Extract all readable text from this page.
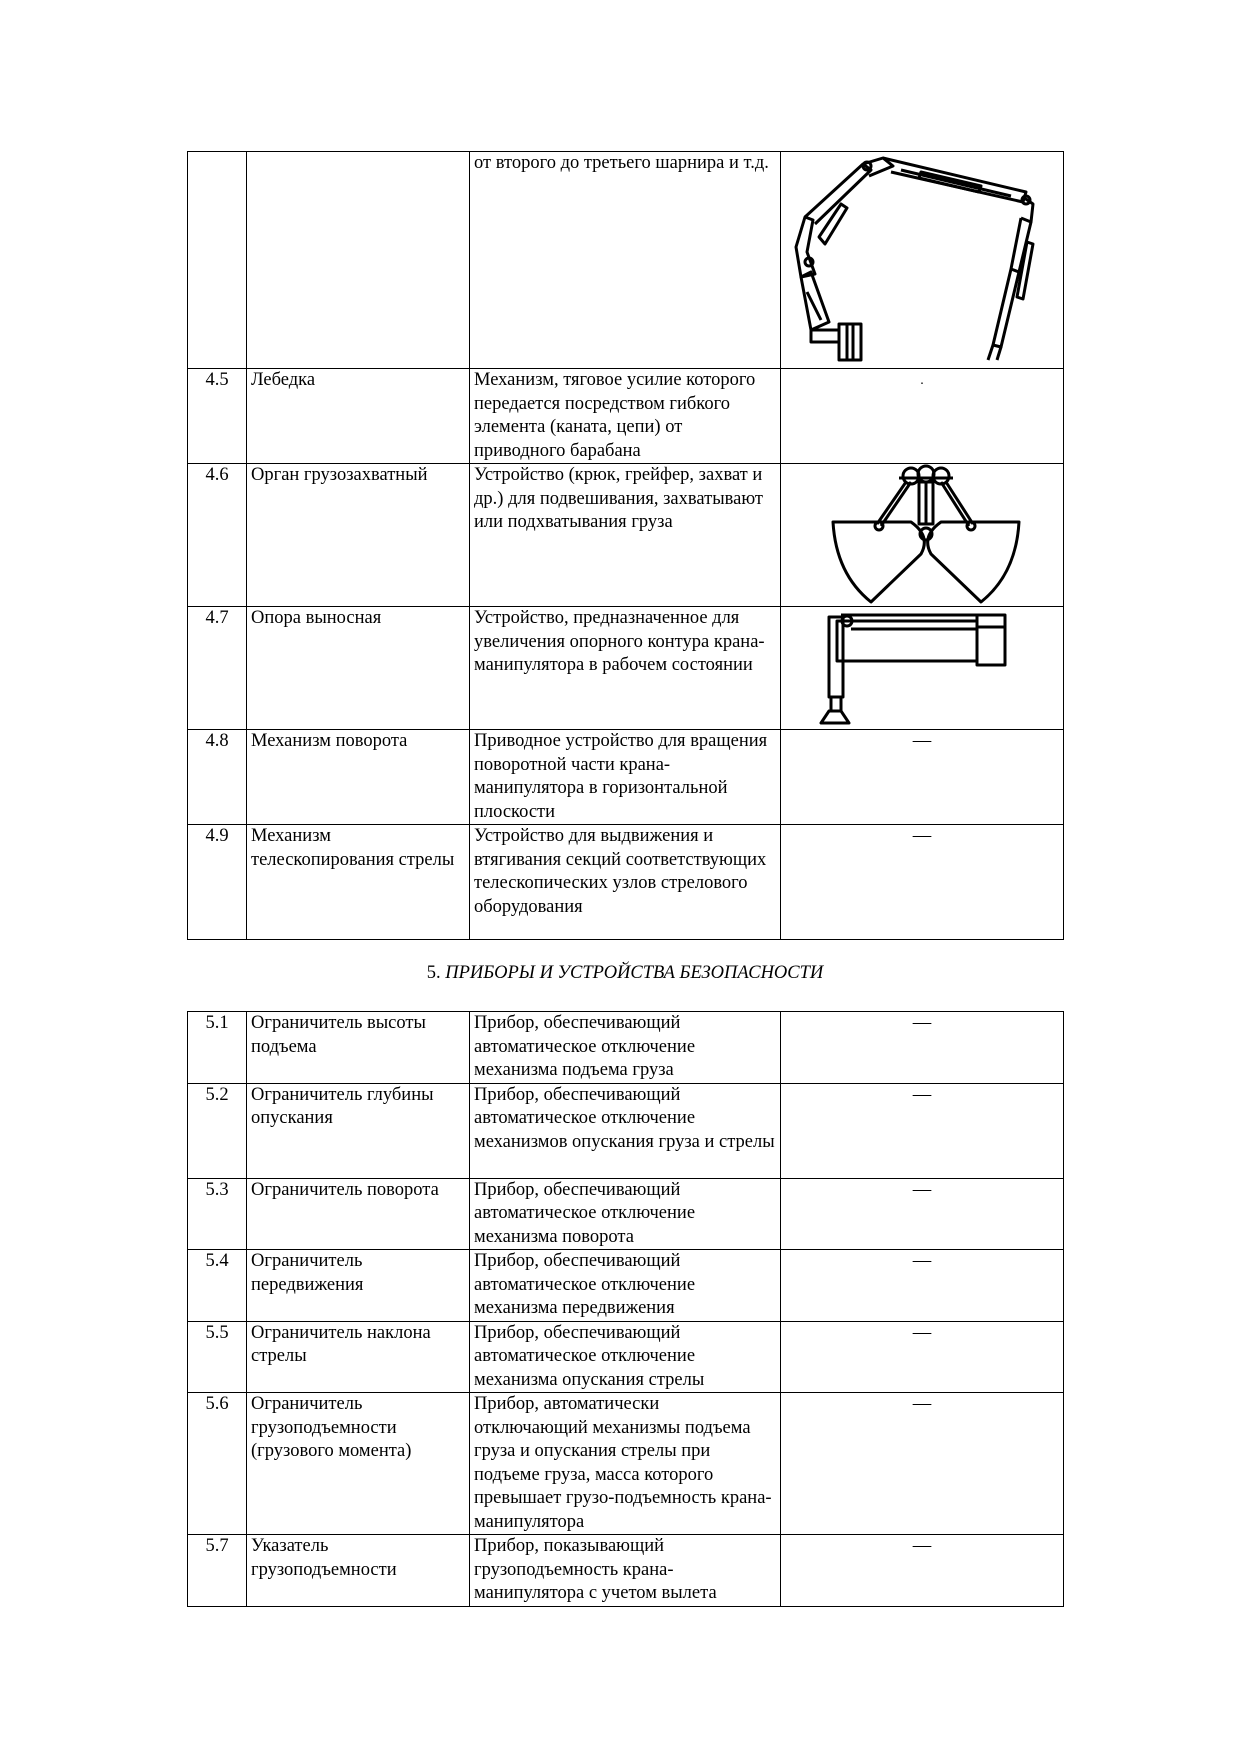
		от второго до третьего шарнира и т.д.	

4.5	Лебедка	Механизм, тяговое усилие которого передается посредством гибкого элемента (каната, цепи) от приводного барабана	.
4.6	Орган грузозахватный	Устройство (крюк, грейфер, захват и др.) для подвешивания, захватывают или подхватывания груза	

4.7	Опора выносная	Устройство, предназначенное для увеличения опорного контура крана-манипулятора в рабочем состоянии	

4.8	Механизм поворота	Приводное устройство для вращения поворотной части крана-манипулятора в горизонтальной плоскости	—
4.9	Механизм телескопирования стрелы	Устройство для выдвижения и втягивания секций соответствующих телескопических узлов стрелового оборудования	—
5. ПРИБОРЫ И УСТРОЙСТВА БЕЗОПАСНОСТИ
5.1	Ограничитель высоты подъема	Прибор, обеспечивающий автоматическое отключение механизма подъема груза	—
5.2	Ограничитель глубины опускания	Прибор, обеспечивающий автоматическое отключение механизмов опускания груза и стрелы	—
5.3	Ограничитель поворота	Прибор, обеспечивающий автоматическое отключение механизма поворота	—
5.4	Ограничитель передвижения	Прибор, обеспечивающий автоматическое отключение механизма передвижения	—
5.5	Ограничитель наклона стрелы	Прибор, обеспечивающий автоматическое отключение механизма опускания стрелы	—
5.6	Ограничитель грузоподъемности (грузового момента)	Прибор, автоматически отключающий механизмы подъема груза и опускания стрелы при подъеме груза, масса которого превышает грузо-подъемность крана-манипулятора	—
5.7	Указатель грузоподъемности	Прибор, показывающий грузоподъемность крана-манипулятора с учетом вылета	—
